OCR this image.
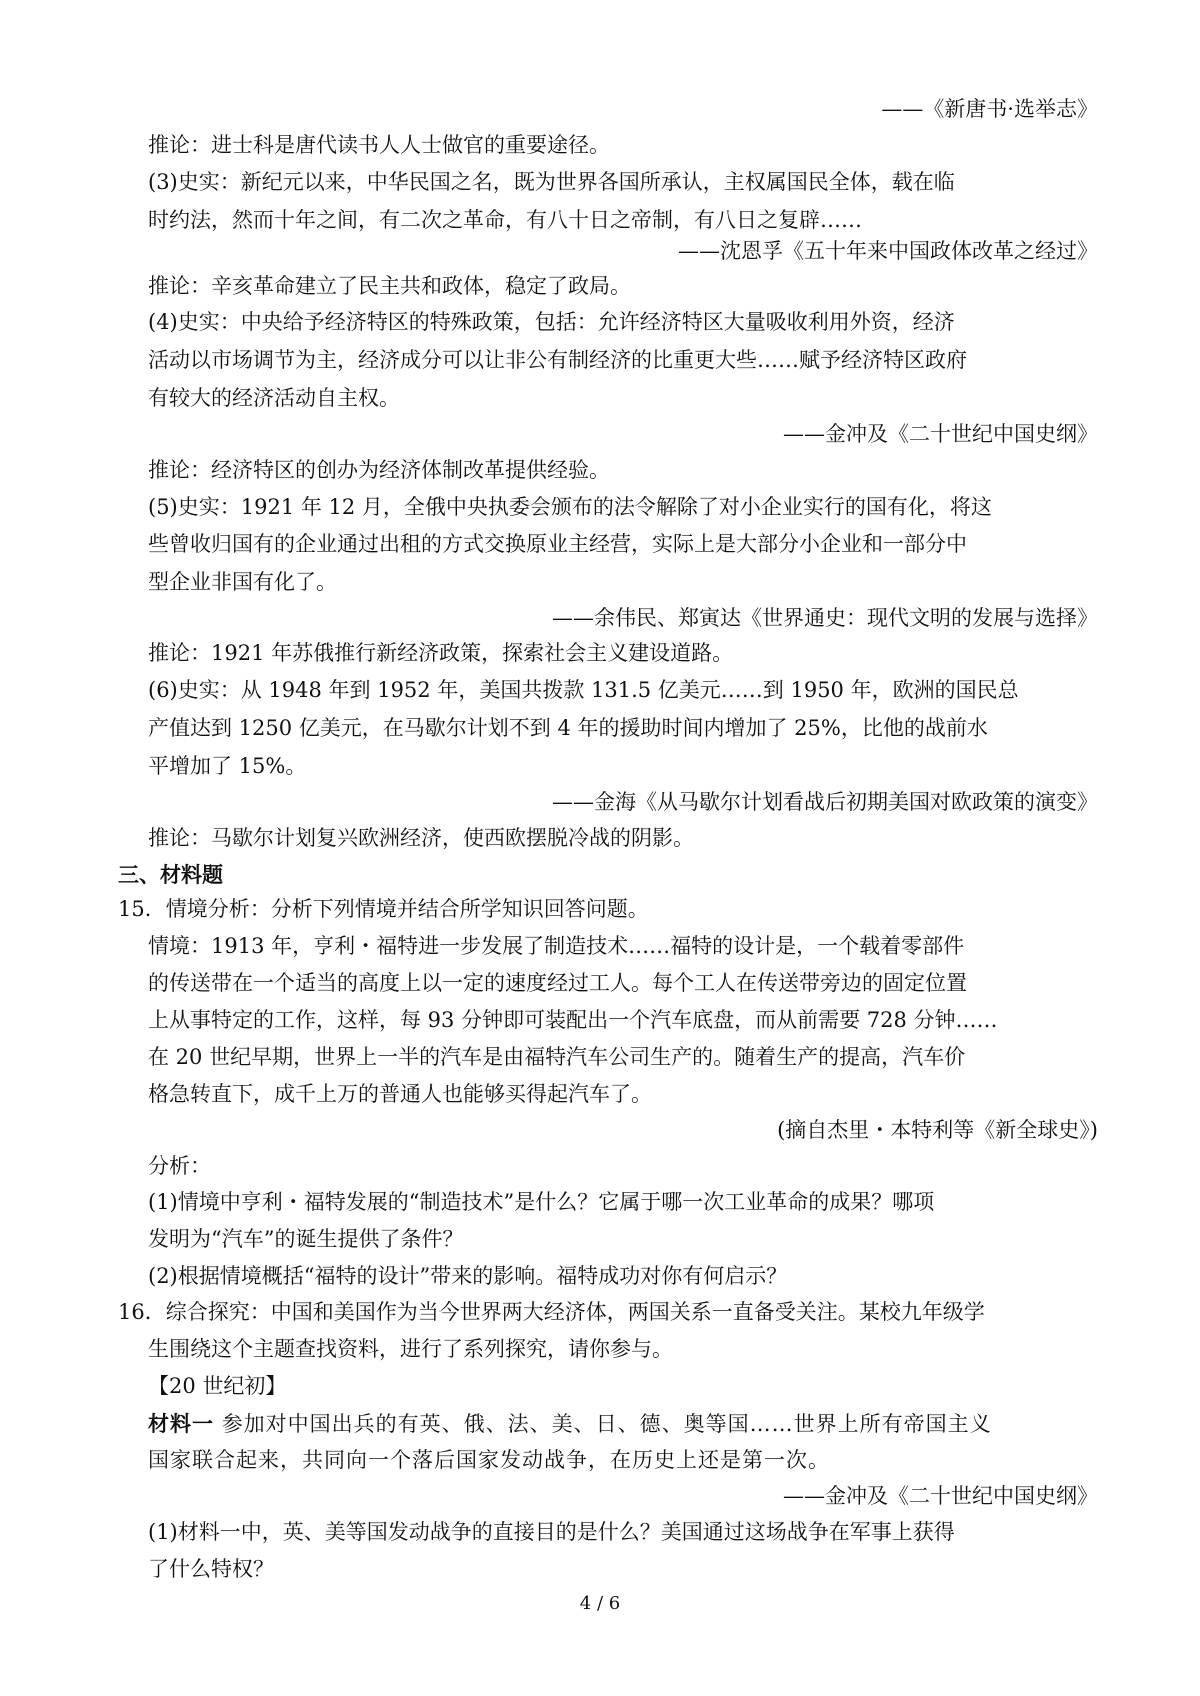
——《新唐书·选举志》
推论：进士科是唐代读书人人士做官的重要途径。
(3)史实：新纪元以来，中华民国之名，既为世界各国所承认，主权属国民全体，载在临
时约法，然而十年之间，有二次之革命，有八十日之帝制，有八日之复辟……
——沈恩孚《五十年来中国政体改革之经过》
推论：辛亥革命建立了民主共和政体，稳定了政局。
(4)史实：中央给予经济特区的特殊政策，包括：允许经济特区大量吸收利用外资，经济
活动以市场调节为主，经济成分可以让非公有制经济的比重更大些……赋予经济特区政府
有较大的经济活动自主权。
——金冲及《二十世纪中国史纲》
推论：经济特区的创办为经济体制改革提供经验。
(5)史实：1921 年 12 月，全俄中央执委会颁布的法令解除了对小企业实行的国有化，将这
些曾收归国有的企业通过出租的方式交换原业主经营，实际上是大部分小企业和一部分中
型企业非国有化了。
——余伟民、郑寅达《世界通史：现代文明的发展与选择》
推论：1921 年苏俄推行新经济政策，探索社会主义建设道路。
(6)史实：从 1948 年到 1952 年，美国共拨款 131.5 亿美元……到 1950 年，欧洲的国民总
产值达到 1250 亿美元，在马歇尔计划不到 4 年的援助时间内增加了 25%，比他的战前水
平增加了 15%。
——金海《从马歇尔计划看战后初期美国对欧政策的演变》
推论：马歇尔计划复兴欧洲经济，使西欧摆脱冷战的阴影。
三、材料题
15．情境分析：分析下列情境并结合所学知识回答问题。
情境：1913 年，亨利・福特进一步发展了制造技术……福特的设计是，一个载着零部件
的传送带在一个适当的高度上以一定的速度经过工人。每个工人在传送带旁边的固定位置
上从事特定的工作，这样，每 93 分钟即可装配出一个汽车底盘，而从前需要 728 分钟……
在 20 世纪早期，世界上一半的汽车是由福特汽车公司生产的。随着生产的提高，汽车价
格急转直下，成千上万的普通人也能够买得起汽车了。
(摘自杰里・本特利等《新全球史》)
分析：
(1)情境中亨利・福特发展的“制造技术”是什么？它属于哪一次工业革命的成果？哪项
发明为“汽车”的诞生提供了条件？
(2)根据情境概括“福特的设计”带来的影响。福特成功对你有何启示？
16．综合探究：中国和美国作为当今世界两大经济体，两国关系一直备受关注。某校九年级学
生围绕这个主题查找资料，进行了系列探究，请你参与。
【20 世纪初】
材料一 参加对中国出兵的有英、俄、法、美、日、德、奥等国……世界上所有帝国主义
国家联合起来，共同向一个落后国家发动战争，在历史上还是第一次。
——金冲及《二十世纪中国史纲》
(1)材料一中，英、美等国发动战争的直接目的是什么？美国通过这场战争在军事上获得
了什么特权？
4 / 6
